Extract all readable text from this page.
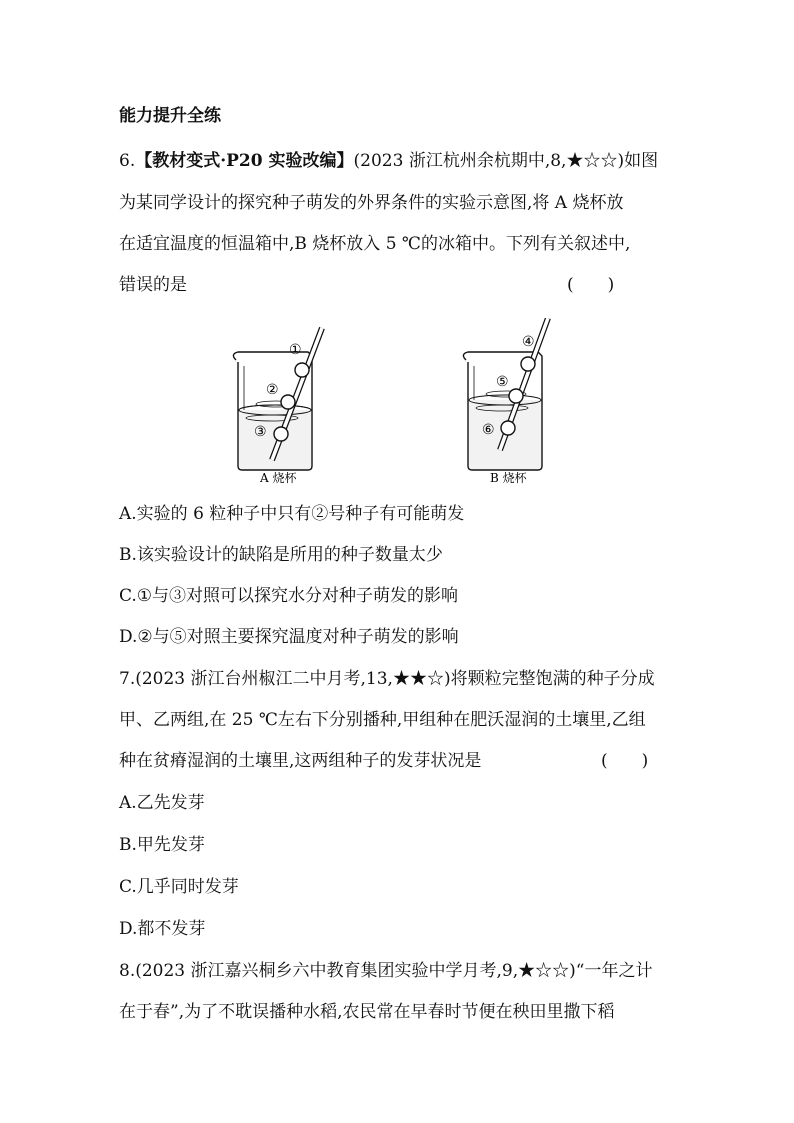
能力提升全练
6.【教材变式·P20 实验改编】(2023 浙江杭州余杭期中,8,★☆☆)如图
为某同学设计的探究种子萌发的外界条件的实验示意图,将 A 烧杯放
在适宜温度的恒温箱中,B 烧杯放入 5 ℃的冰箱中。下列有关叙述中,
错误的是	(　　)
①
②
③
A 烧杯
④
⑤
⑥
B 烧杯
A.实验的 6 粒种子中只有②号种子有可能萌发
B.该实验设计的缺陷是所用的种子数量太少
C.①与③对照可以探究水分对种子萌发的影响
D.②与⑤对照主要探究温度对种子萌发的影响
7.(2023 浙江台州椒江二中月考,13,★★☆)将颗粒完整饱满的种子分成
甲、乙两组,在 25 ℃左右下分别播种,甲组种在肥沃湿润的土壤里,乙组
种在贫瘠湿润的土壤里,这两组种子的发芽状况是	(　　)
A.乙先发芽
B.甲先发芽
C.几乎同时发芽
D.都不发芽
8.(2023 浙江嘉兴桐乡六中教育集团实验中学月考,9,★☆☆)“一年之计
在于春”,为了不耽误播种水稻,农民常在早春时节便在秧田里撒下稻
